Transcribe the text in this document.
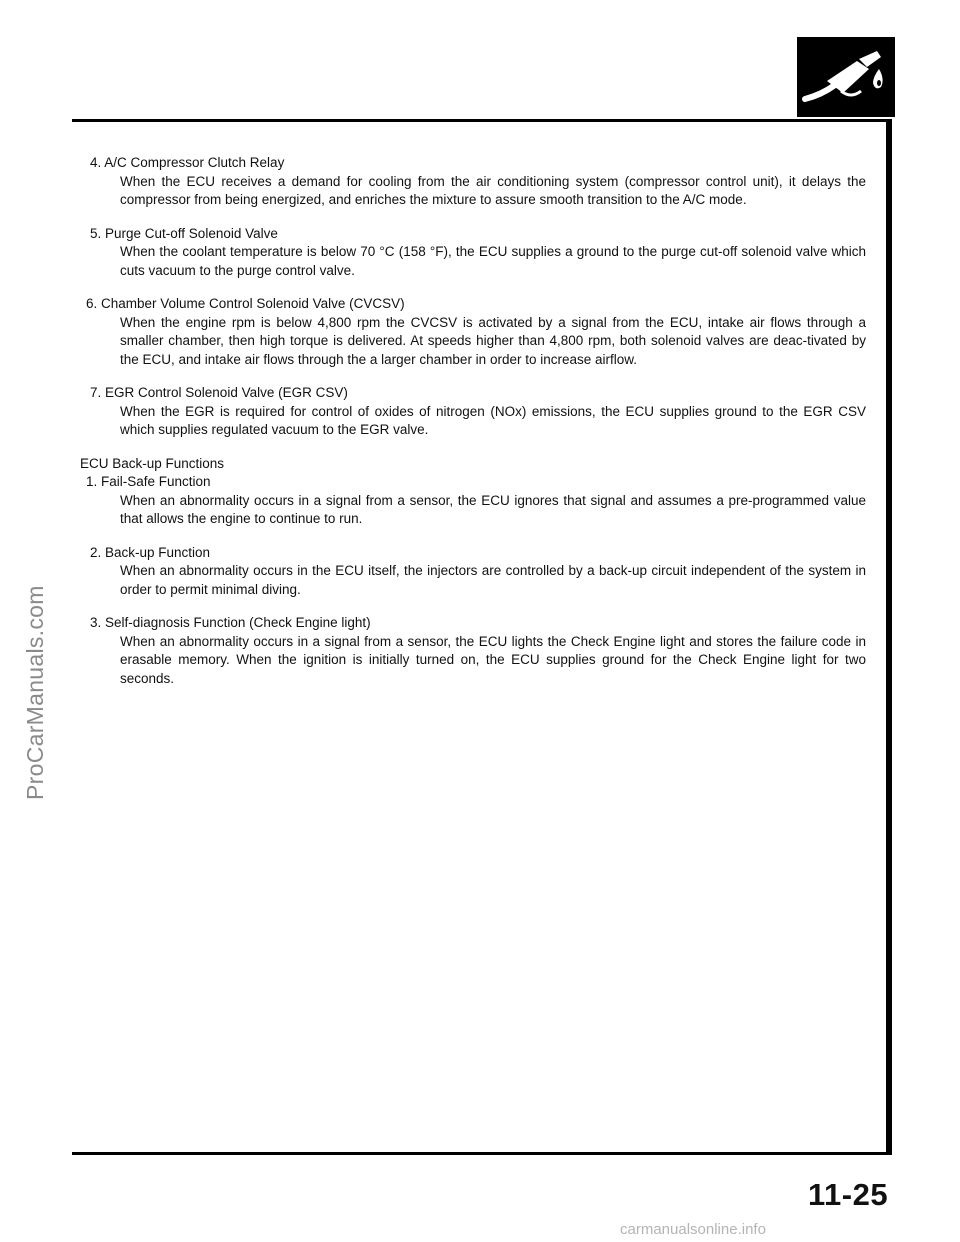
ProCarManuals.com
4. A/C Compressor Clutch Relay
When the ECU receives a demand for cooling from the air conditioning system (compressor control unit), it delays the compressor from being energized, and enriches the mixture to assure smooth transition to the A/C mode.
5. Purge Cut-off Solenoid Valve
When the coolant temperature is below 70 °C (158 °F), the ECU supplies a ground to the purge cut-off solenoid valve which cuts vacuum to the purge control valve.
6. Chamber Volume Control Solenoid Valve (CVCSV)
When the engine rpm is below 4,800 rpm the CVCSV is activated by a signal from the ECU, intake air flows through a smaller chamber, then high torque is delivered. At speeds higher than 4,800 rpm, both solenoid valves are deac-tivated by the ECU, and intake air flows through the a larger chamber in order to increase airflow.
7. EGR Control Solenoid Valve (EGR CSV)
When the EGR is required for control of oxides of nitrogen (NOx) emissions, the ECU supplies ground to the EGR CSV which supplies regulated vacuum to the EGR valve.
ECU Back-up Functions
1. Fail-Safe Function
When an abnormality occurs in a signal from a sensor, the ECU ignores that signal and assumes a pre-programmed value that allows the engine to continue to run.
2. Back-up Function
When an abnormality occurs in the ECU itself, the injectors are controlled by a back-up circuit independent of the system in order to permit minimal diving.
3. Self-diagnosis Function (Check Engine light)
When an abnormality occurs in a signal from a sensor, the ECU lights the Check Engine light and stores the failure code in erasable memory. When the ignition is initially turned on, the ECU supplies ground for the Check Engine light for two seconds.
11-25
carmanualsonline.info
